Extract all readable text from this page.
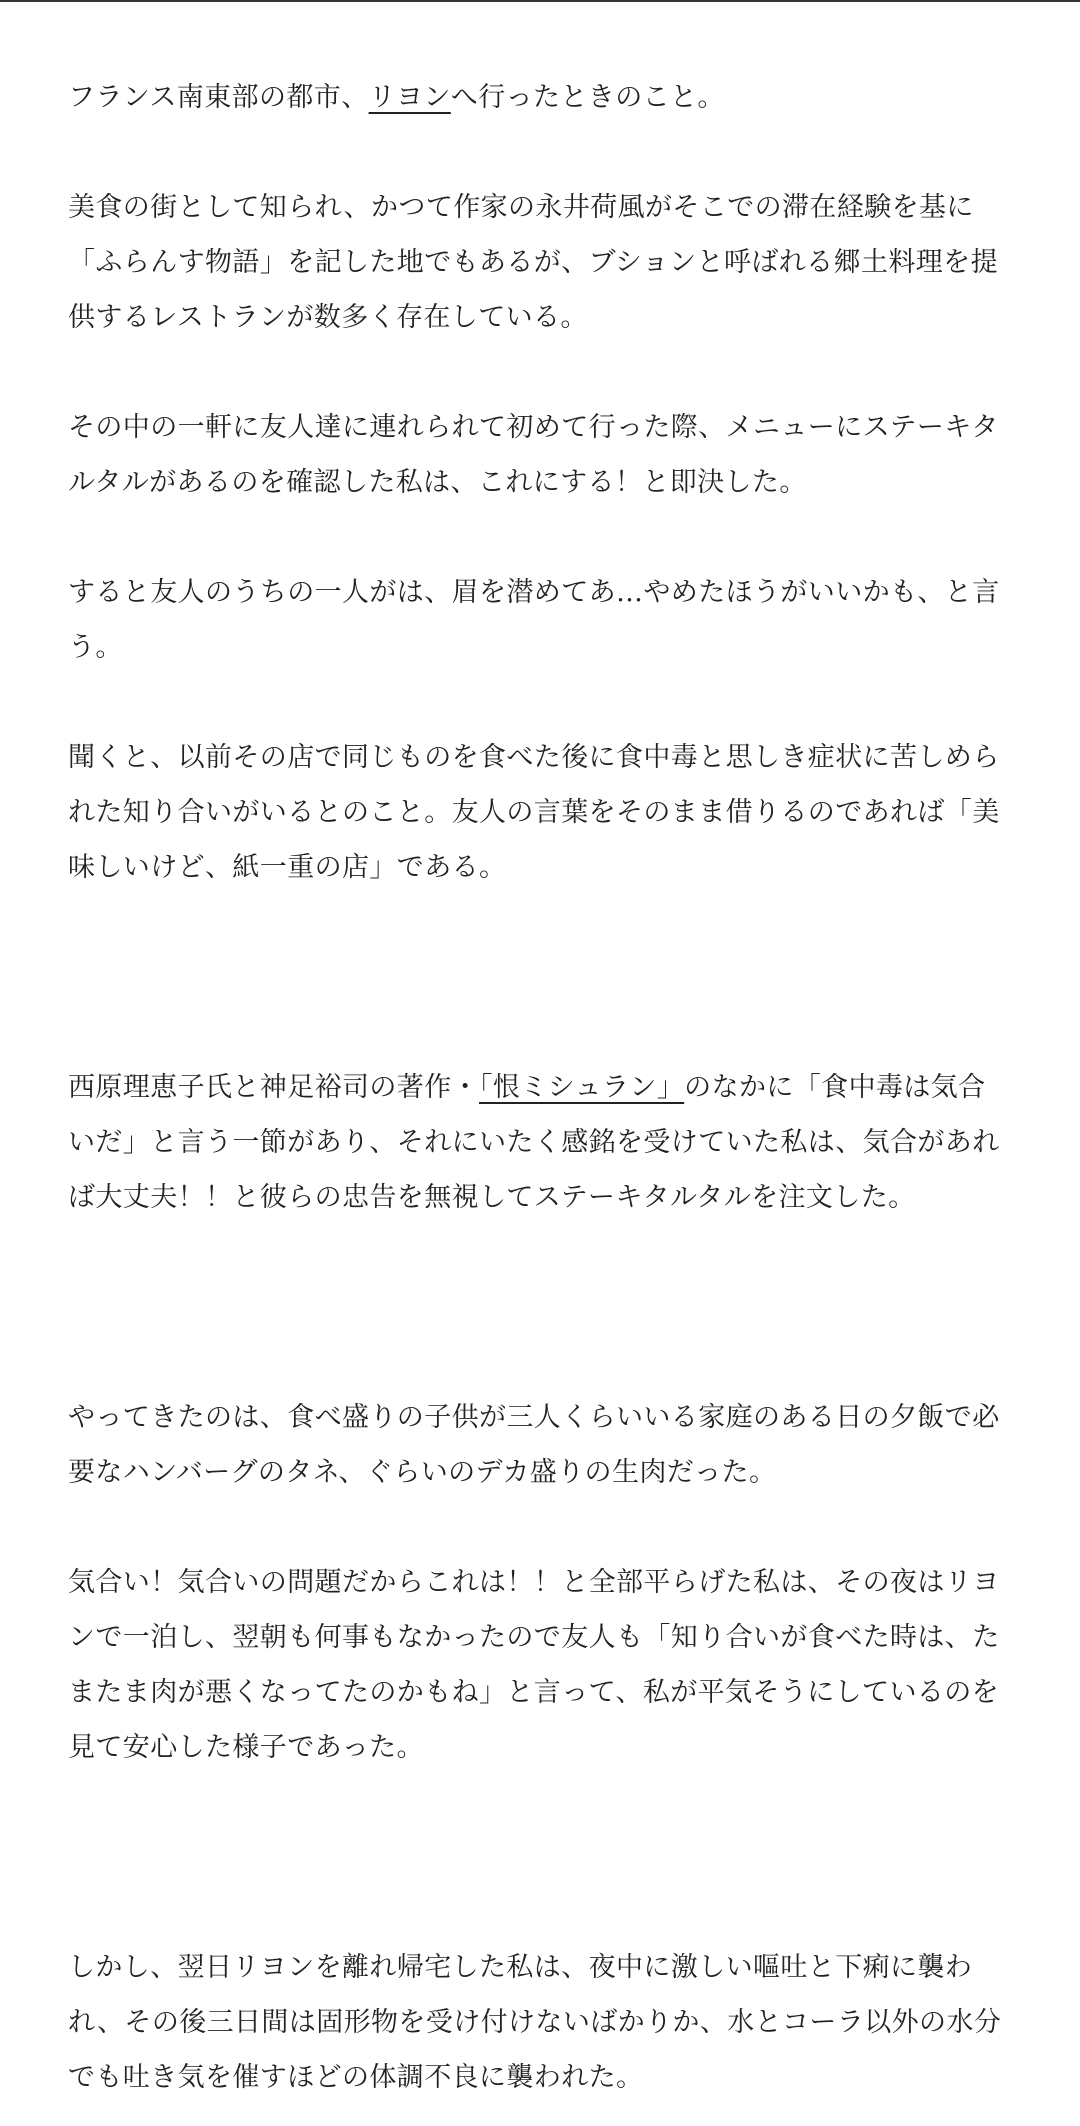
フランス南東部の都市、リヨンへ行ったときのこと。

美食の街として知られ、かつて作家の永井荷風がそこでの滞在経験を基に「ふらんす物語」を記した地でもあるが、ブションと呼ばれる郷土料理を提供するレストランが数多く存在している。

その中の一軒に友人達に連れられて初めて行った際、メニューにステーキタルタルがあるのを確認した私は、これにする！と即決した。

すると友人のうちの一人がは、眉を潜めてあ…やめたほうがいいかも、と言う。

聞くと、以前その店で同じものを食べた後に食中毒と思しき症状に苦しめられた知り合いがいるとのこと。友人の言葉をそのまま借りるのであれば「美味しいけど、紙一重の店」である。

西原理恵子氏と神足裕司の著作・「恨ミシュラン」のなかに「食中毒は気合いだ」と言う一節があり、それにいたく感銘を受けていた私は、気合があれば大丈夫！！と彼らの忠告を無視してステーキタルタルを注文した。

やってきたのは、食べ盛りの子供が三人くらいいる家庭のある日の夕飯で必要なハンバーグのタネ、ぐらいのデカ盛りの生肉だった。

気合い！気合いの問題だからこれは！！と全部平らげた私は、その夜はリヨンで一泊し、翌朝も何事もなかったので友人も「知り合いが食べた時は、たまたま肉が悪くなってたのかもね」と言って、私が平気そうにしているのを見て安心した様子であった。

しかし、翌日リヨンを離れ帰宅した私は、夜中に激しい嘔吐と下痢に襲われ、その後三日間は固形物を受け付けないばかりか、水とコーラ以外の水分でも吐き気を催すほどの体調不良に襲われた。
